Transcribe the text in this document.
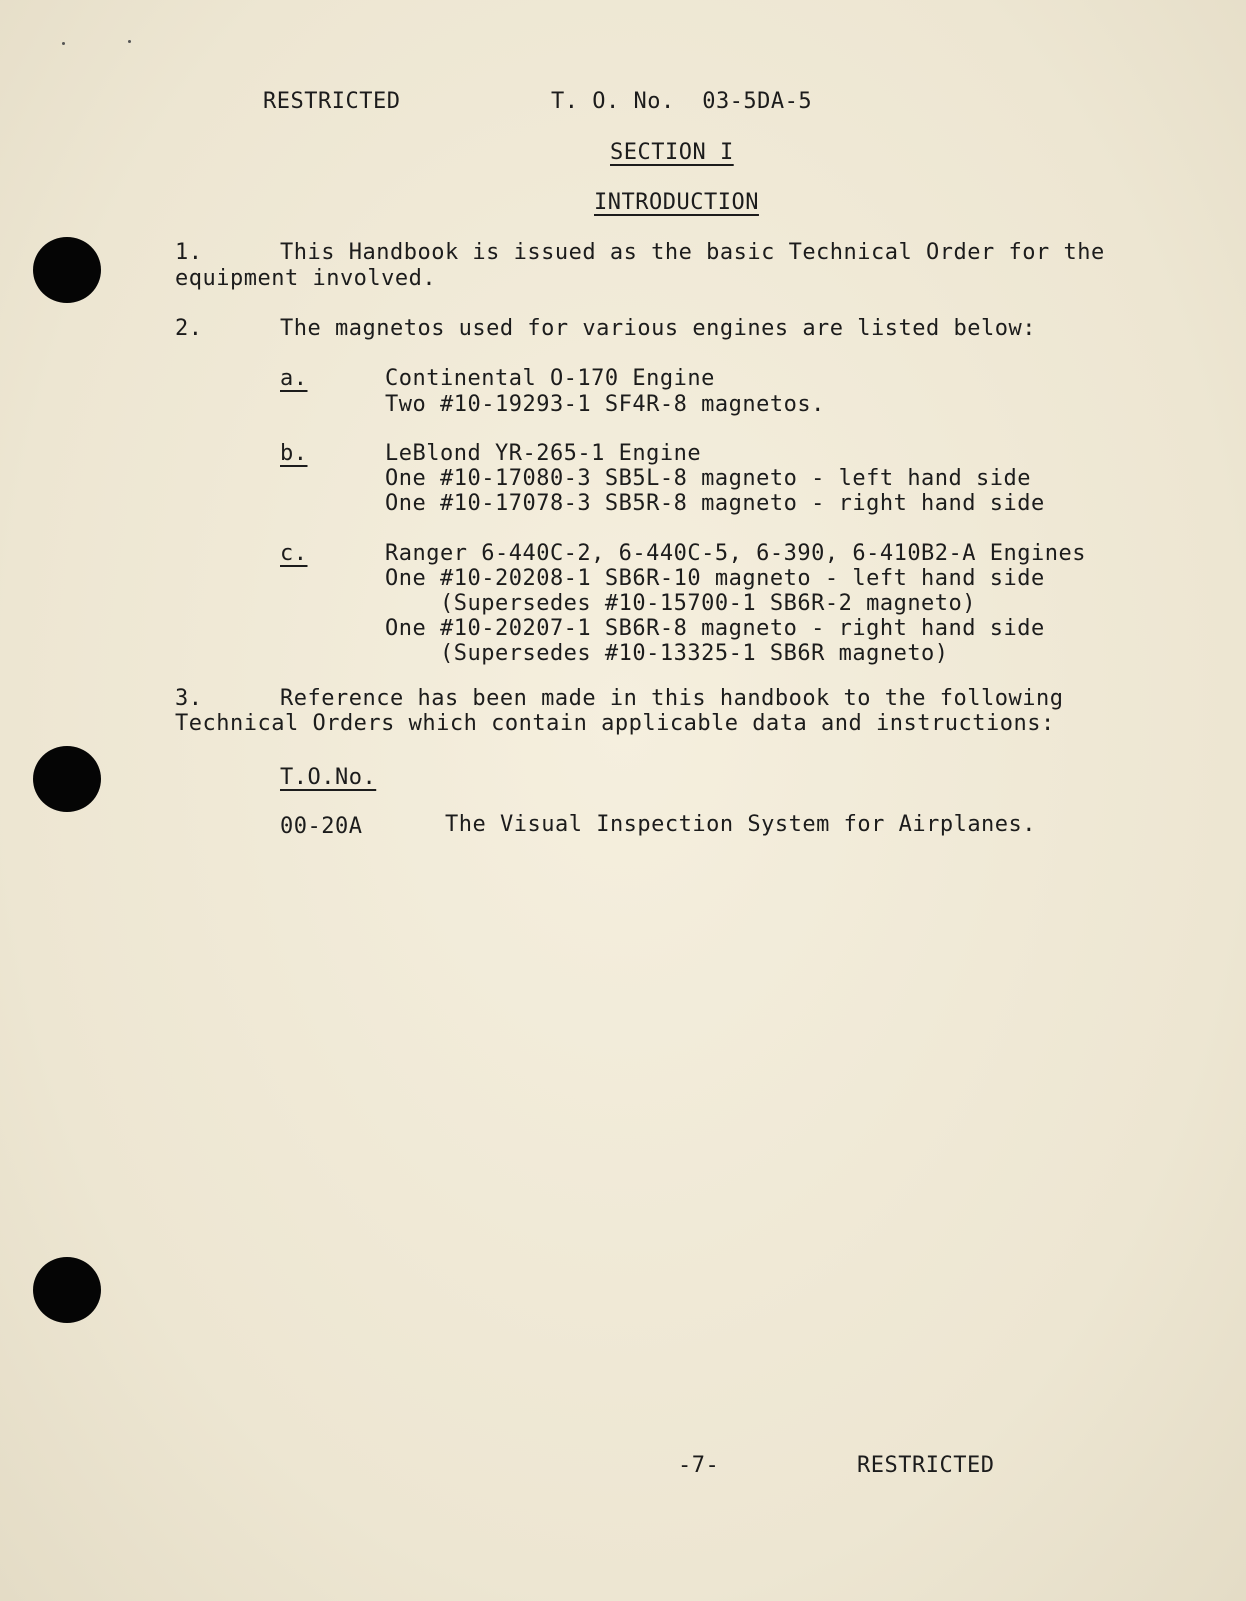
RESTRICTED	T. O. No.  03-5DA-5
SECTION I
INTRODUCTION
1.	This Handbook is issued as the basic Technical Order for the
equipment involved.
2.	The magnetos used for various engines are listed below:
a.	Continental O-170 Engine
Two #10-19293-1 SF4R-8 magnetos.
b.	LeBlond YR-265-1 Engine
One #10-17080-3 SB5L-8 magneto - left hand side
One #10-17078-3 SB5R-8 magneto - right hand side
c.	Ranger 6-440C-2, 6-440C-5, 6-390, 6-410B2-A Engines
One #10-20208-1 SB6R-10 magneto - left hand side
(Supersedes #10-15700-1 SB6R-2 magneto)
One #10-20207-1 SB6R-8 magneto - right hand side
(Supersedes #10-13325-1 SB6R magneto)
3.	Reference has been made in this handbook to the following
Technical Orders which contain applicable data and instructions:
T.O.No.
00-20A	The Visual Inspection System for Airplanes.
-7-	RESTRICTED
